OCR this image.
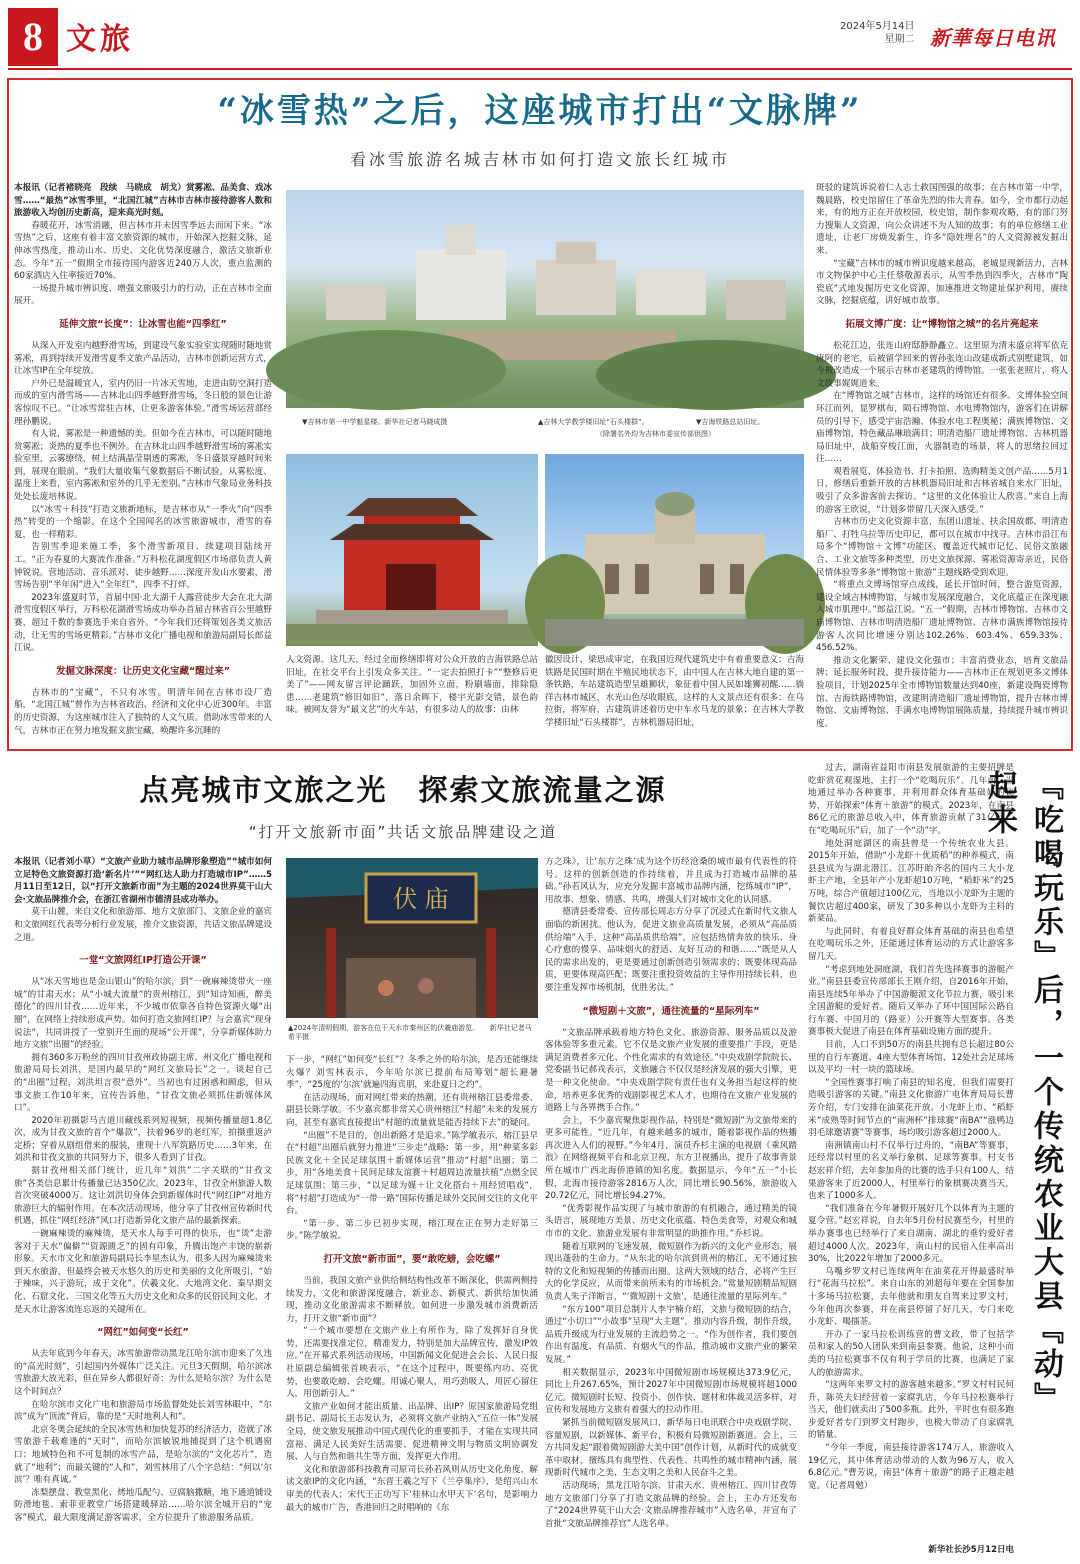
8 文旅	2024年5月14日
星期二 新華每日电讯
“冰雪热”之后，这座城市打出“文脉牌”
看冰雪旅游名城吉林市如何打造文旅长红城市

本报讯（记者褚晓亮　段续　马晓成　胡戈）赏雾凇、品美食、戏冰雪……“最热”冰雪季里，“北国江城”吉林市吉林市接待游客人数和旅游收入均创历史新高，迎来高光时刻。

春暖花开，冰雪消融，但吉林市并未因雪季远去而闲下来。“冰雪热”之后，这座有着丰富文旅资源的城市，开始深入挖掘文脉，延伸冰雪热度，推动山水、历史、文化优势深度融合，激活文旅新业态。今年“五一”假期全市接待国内游客近240万人次，重点监测的60家酒店入住率接近70%。

一场提升城市辨识度、增强文旅吸引力的行动，正在吉林市全面展开。

延伸文旅“长度”：让冰雪也能“四季红”

从深入开发室内越野滑雪场，到建设气象实验室实现随时随地赏雾凇，再到持续开发滑雪夏季文旅产品活动，吉林市创新运营方式，让冰雪IP在全年绽放。

户外已是温暖宜人，室内仍旧一片冰天雪地，走进由防空洞打造而成的室内滑雪场——吉林北山四季越野滑雪场，冬日般的景色让游客惊叹不已。“让冰雪常驻吉林，让更多游客体验。”滑雪场运营部经理孙鹏说。

有人说，雾凇是一种遗憾的美。但如今在吉林市，可以随时随地赏雾凇；炎热的夏季也不例外。在吉林北山四季越野滑雪场的雾凇实验室里，云雾缭绕，树上结满晶莹剔透的雾凇，冬日盛景穿越时间来到，展现在眼前。“我们大量收集气象数据后不断试验，从雾松度、温度上来看，室内雾凇和室外的几乎无差别。”吉林市气象局业务科技处处长庞培林说。

以“冰雪＋科技”打造文旅新地标，是吉林市从“一季火”向“四季热”转变的一个缩影。在这个全国闻名的冰雪旅游城市，滑雪的春夏，也一样精彩。

告别雪季迎来施工季，多个滑雪新项目、续建项目陆续开工。“正为春夏的大赛流作准备。”万科松花湖度假区市场部负责人黄钟锐说。营地活动、音乐派对、徒步越野……深度开发山水要素，滑雪场告别“半年闲”进入“全年红”，四季不打烊。

2023年盛夏时节，首届中国·北大湖千人露营徒步大会在北大湖滑雪度假区举行，万科松花湖滑雪场成功举办首届吉林省百公里越野赛，超过千数的参赛选手来自省外。“今年我们还将策划各类文旅活动，让无雪的雪场更精彩。”吉林市文化广播电视和旅游局副局长郎益江说。

发掘文脉深度：让历史文化宝藏“醒过来”

吉林市的“宝藏”，不只有冰雪。明清年间在吉林市设厂造船，“北国江城”曾作为吉林省政治、经济和文化中心近300年。丰富的历史资源，为这座城市注入了独特的人文气质。借助冰雪带来的人气，吉林市正在努力地发掘文旅宝藏，唤醒许多沉睡的

▼吉林市第一中学魁星楼。新华社记者马晓成摄	▲吉林大学教学楼旧址“石头楼群”。	▼吉海铁路总站旧址。
（除署名外均为吉林市委宣传部供图）

人文资源。这几天，经过全面修缮即将对公众开放的吉海铁路总站旧址，在社交平台上引发众多关注。“一定去拍照打卡”“整修后更美了”——网友留言评论踊跃，加固外立面，粉刷墙面，排除隐患……老建筑“修旧如旧”，落日余晖下，楼宇光影交错，景色韵味。被网友誉为“最文艺”的火车站，有很多动人的故事：由林

徽因设计、梁思成审定，在我国近现代建筑史中有着重要意义；吉海铁路是民国时期在半殖民地状态下，由中国人在吉林大地自建的第一条铁路，车站建筑造型呈雄狮状，象征着中国人民如雄狮初醒……徜徉吉林市城区，水光山色尽收眼底，这样的人文景点还有很多：在乌拉街，将军府，古建筑讲述着历史中车水马龙的景象；在吉林大学教学楼旧址“石头楼群”，吉林机器局旧址，

斑驳的建筑诉说着仁人志士救国图强的故事；在吉林市第一中学，魏晨路，校史馆留住了革命先烈的伟大青春。如今，全市都行动起来，有的地方正在开放校园，校史馆，制作参观攻略，有的部门努力搜集人文资源，向公众讲述不为人知的故事；有的单位修缮工业遗址，让老厂房焕发新生，许多“隐姓埋名”的人文资源被发掘出来。

“宝藏”吉林市的城市辨识度越来越高，老城显现新活力，吉林市文物保护中心主任蔡敬源表示，从雪季热到四季火，吉林市“陶瓷底”式地发掘历史文化资源，加速推进文物建址保护利用，赓续文脉，挖掘底蕴，讲好城市故事。

拓展文博广度：让“博物馆之城”的名片亮起来

松花江边，张连山府邸静静矗立。这里原为清末盛京将军依克唐阿的老宅，后被留学回来的曾孙张连山改建成新式别墅建筑，如今被改造成一个展示吉林市老建筑的博物馆。一张张老照片，将人文故事娓娓道来。

在“博物馆之城”吉林市，这样的场馆还有很多。文博体验空间环江而列，显罗棋布，陨石博物馆、水电博物馆内，游客们在讲解员的引导下，感受宇宙浩瀚、体验水电工程奥秘；满族博物馆、文庙博物馆，特色藏品琳琅满目；明清造船厂遗址博物馆、吉林机器局旧址中，战船穿梭江面，火器制造的场景，将人的思绪拉回过往……

观看展览、体验造书、打卡拍照、选购精美文创产品……5月1日，修缮后重新开放的吉林机器局旧址和吉林省城自来水厂旧址，吸引了众多游客前去探访。“这里的文化体验让人欣喜。”来自上海的游客王欣说，“计划多带留几天深入感受。”

吉林市历史文化资源丰富，东团山遗址、扶余国故都、明清造船厂、打牲乌拉等历史印记，都可以在城市中找寻。吉林市沿江布局多个“博物馆＋文博”功能区，覆盖近代城市记忆、民俗文旅融合、工业文旅等多种类型，历史文旅探源、雾凇资源寄亲近，民俗民情体验等多条“博物馆＋旅游”主题线路受到欢迎。

“将重点文博场馆穿点成线，延长开馆时间，整合游览资源，建设全域吉林博物馆，与城市发展深度融合，文化底蕴正在深度融入城市肌理中。”郎益江说。“五一”假期，吉林市博物馆、吉林市文庙博物馆、吉林市明清造船厂遗址博物馆、吉林市满族博物馆接待游客人次同比增速分别达102.26%、603.4%、659.33%、456.52%。

推动文化繁荣、建设文化强市；丰富消费业态，培育文旅品牌；延长服务时段，提升接待能力——吉林市正在规划更多文博体验项目，计划2025年全市博物馆数量达到40座，新建设陶瓷博物馆、吉海铁路博物馆，改建明清造船厂遗址博物馆，提升吉林市博物馆、文庙博物馆、手满水电博物馆展陈质量，持续提升城市辨识度。

点亮城市文旅之光　探索文旅流量之源
“打开文旅新市面”共话文旅品牌建设之道

本报讯（记者刘小草）“文旅产业助力城市品牌形象塑造”“城市如何立足特色文旅资源打造‘新名片’”“网红达人助力打造城市IP”……5月11日至12日，以“打开文旅新市面”为主题的2024世界莫干山大会·文旅品牌推介会，在浙江省湖州市德清县成功举办。

莫干山麓，来自文化和旅游部、地方文旅部门、文旅企业的嘉宾和文旅网红代表等分析行业发展，推介文旅资源，共话文旅品牌建设之道。

一堂“文旅网红IP打造公开课”

从“冰天雪地也是金山银山”的哈尔滨，到“一碗麻辣烫带火一座城”的甘肃天水；从“小城大流量”的贵州榕江，到“知诗知画，醉美德化”的四川甘孜……近年来，不少城市依靠各自特色资源火爆“出圈”，在网络上持续形成声势。如何打造文旅网红IP？与会嘉宾“现身说法”，共同讲授了一堂别开生面的现场“公开课”，分享新媒体助力地方文旅“出圈”的经验。

拥有360多万粉丝的四川甘孜州政协副主席、州文化广播电视和旅游局局长刘洪，是国内最早的“网红文旅局长”之一。谈起自己的“出圈”过程，刘洪坦言很“意外”。当初也有过困惑和顾虑，但从事文旅工作10年来，宣传告诉他，“甘孜文旅必须抓住新媒体风口”。

2020年初摄影马吉道川藏线系列短视频，视频传播量超1.8亿次，成为甘孜文旅的首个“爆款”，扶着96岁的老红军，拍摄重返泸定桥；穿着从剧组借来的服装，重现十八军筑路历史……3年来，在刘洪和甘孜文旅的共同努力下，很多人看到了甘孜。

据甘孜州相关部门统计，近几年“刘洪”二字关联的“甘孜文旅”各类信息累计传播量已达350亿次。2023年，甘孜全州旅游人数首次突破4000万。这让刘洪切身体会到新媒体时代“网红IP”对地方旅游巨大的辐射作用。在本次活动现场，他分享了甘孜州宣传新时代机遇，抓住“网红经济”风口打造新异化文旅产品的最新探索。

一碗麻辣烫的麻辣烫，是天水人每手可得的快乐，也“烫”走游客对于天水“偏僻”“资源匮乏”的固有印象，升腾出饱产丰饶的崭新形象。天水市文化和旅游局副局长李星杰认为，很多人因为麻辣烫来到天水旅游，但最终会被天水悠久的历史和美丽的文化所吸引，“始于辣味，兴于游玩，成于文化”。伏羲文化、大地湾文化、秦早期文化、石窟文化、三国文化等五大历史文化和众多的民俗民间文化，才是天水让游客流连忘返的关键所在。

“网红”如何变“长红”

从去年底到今年春天，冰雪旅游带动黑龙江哈尔滨市迎来了久违的“高光时刻”，引起国内外媒体广泛关注。元旦3天假期，哈尔滨冰雪旅游大放光彩，但在异乡人都很好奇：为什么是哈尔滨？为什么是这个时间点？

在哈尔滨市文化广电和旅游局市场监督处处长刘雪林眼中，“尔滨”成为“顶流”背后，靠的是“天时地利人和”。

北京冬奥会延续的全民冰雪热和加快复苏的经济活力，造就了冰雪旅游千载难逢的“天时”，而哈尔滨敏锐地捕捉到了这个机遇窗口；地域特色和不可复制的冰雪产品，是哈尔滨的“文化芯片”，造就了“地利”；而最关键的“人和”，刘雪林用了八个字总结：“何以‘尔滨’？唯有真诚。”

冻梨摆盘、教堂黑化、烤地瓜配勺、豆腐脑撒糖，地下通道铺设防滑地毯、索菲亚教堂广场搭建暖驿站……哈尔滨全城开启的“宠客”模式，最大限度满足游客需求，全方位提升了旅游服务品质。

伏 庙
▲2024年清明假期，游客在位于天水市秦州区的伏羲庙游览。　　新华社记者马希平摄

下一步，“网红”如何变“长红”？冬季之外的哈尔滨，是否还能继续火爆？刘雪林表示，今年哈尔滨已提前布局筹划“超长避暑季”，“25度的‘尔滨’就遍四海宾朋，来赴夏日之约”。

在活动现场，面对网红带来的热潮，还有贵州榕江县委常委、副县长陈学敏。不少嘉宾都非常关心贵州榕江“村超”未来的发展方向，甚至有嘉宾直接提出“村超的流量就是能否持续下去”的疑问。

“出圈”不是目的，创出新路才是追求。”陈学敏表示，榕江县早在“村超”出圈后就努力推进“三步走”战略：第一步，用“种菜多彩民族文化＋全民足球氛围＋新媒体运营”推动“村超”出圈；第二步，用“各地美食＋民间足球友谊赛＋村超周边流量扶植”点燃全民足球氛围；第三步，“以足球为媒＋让文化搭台＋用经贸唱戏”，将“村超”打造成为“一带一路”国际传播足球外交民间交往的文化平台。

“第一步、第二步已初步实现，榕江现在正在努力走好第三步。”陈学敏说。

打开文旅“新市面”，要“敢吃螃，会吃螺”

当前，我国文旅产业供给侧结构性改革不断深化，供需两侧持续发力，文化和旅游深度融合，新业态、新模式、新供给加快涌现，推动文化旅游需求不断释放。如何进一步激发城市消费新活力，打开文旅“新市面”？

“一个城市要想在文旅产业上有所作为，除了发挥好自身优势，还需要找准定位，精准发力，特别是加大品牌宣传，激发IP效应。”在开幕式系列活动现场，中国新闻文化促进会会长、人民日报社原副总编辑张首映表示，“在这个过程中，既要练内功、亮优势，也要敢吃螃、会吃螺。用诚心聚人，用巧劲吸人，用匠心留住人，用创新引人。”

文旅产业如何才能出质量、出品牌、出IP？原国家旅游局党组副书记、副局长王志发认为，必须将文旅产业纳入“五位一体”发展全局，使文旅发展推动中国式现代化的重要抓手，才能在实现共同富裕、满足人民美好生活需要、促进精神文明与物质文明协调发展、人与自然和谐共生等方面，发挥更大作用。

文化和旅游部科技教育司原司长孙若风则从历史文化角度，解读文旅IP的文化内涵，“东晋王羲之写下《兰亭集序》，是绍兴山水审美的代表人；宋代王正功写下‘桂林山水甲天下’名句，是影响力最大的城市广告，香港回归之时唱响的《东

方之珠》，让‘东方之珠’成为这个历经沧桑的城市最有代表性的符号。这样的创新创造的作持续着，并且成为打造城市品牌的基础。”孙若风认为，应充分发掘丰富城市品牌内涵，挖练城市“IP”，用故事、想象、情感、共鸣，增强人们对城市文化的认同感。

德清县委常委、宣传部长周志方分享了沉浸式在新时代文旅人面临的新困扰。他认为，促进文旅业高质量发展，必须从“高品质供给端”入手，这种“高品质供给端”，应包括热情奔放的快乐、身心疗愈的慢享、品味烟火的舒适、友好互动的和谐……“既是从人民的需求出发的，更是要通过创新创造引领需求的；既要体现高品质，更要体现高匹配；既要注重投资效益的主导作用持续长料，也要注重发挥市场机制，优胜劣汰。”

“微短剧＋文旅”，通往流量的“星际列车”

“文旅品牌承载着地方特色文化、旅游资源、服务品质以及游客体验等多重元素。它不仅是文旅产业发展的重要推广手段，更是满足消费者多元化、个性化需求的有效途径。”中央戏剧学院院长、党委副书记郝戎表示，文旅融合不仅仅是经济发展的强大引擎，更是一种文化使命。“中央戏剧学院有责任也有义务担当起这样的使命，培养更多优秀的戏剧影视艺术人才，也期待在文旅产业发展的道路上与各界携手合作。”

会上，不少嘉宾聚焦影视作品，特别是“微短剧”为文旅带来的更多可能性。“近几年，有越来越多的城市，随着影视作品的热播再次进入人们的视野。”今年4月，演员乔杉主演的电视剧《乘风踏浪》在网络视频平台和北京卫视，东方卫视播出，提升了故事背景所在城市广西北海侨港镇的知名度。数据显示，今年“五一”小长假，北海市接待游客2816万人次，同比增长90.56%，旅游收入20.72亿元，同比增长94.27%。

“优秀影视作品实现了与城市旅游的有机融合，通过精美的镜头语言，展现地方美景、历史文化底蕴、特色美食等，对观众和城市市的文化、旅游业发展有非常明显的助推作用。”乔杉说。

随着互联网的飞速发展，微短剧作为新兴的文化产业形态，展现出蓬勃的生命力。“从东北的哈尔滨到贵州的榕江，无不通过独特的文化和短视频的传播而出圈。这两大领域的结合，必将产生巨大的化学反应，从而带来前所未有的市场机会。”常量短剧精品短剧负责人朱子洋断言，“‘微短剧＋文旅’，是通往流量的星际列车。”

“东方100”项目总制片人李宇楠介绍，文旅与微短剧的结合，通过“小切口”“小故事”呈现“大主题”，推动内容升级，制作升级，品质升级成为行业发展的主流趋势之一。“作为创作者，我们要创作出有温度、有品质、有烟火气的作品，推动城市文旅产业的繁荣发展。”

相关数据显示，2023年中国微短剧市场规模达373.9亿元，同比上升267.65%，预计2027年中国微短剧市场规模将超1000亿元。微短剧时长短、投资小、创作快、题材和体裁灵活多样，对宣传和发展地方文旅有着强大的拉动作用。

紧抓当前微短剧发展风口，新华每日电讯联合中央戏剧学院、容量短剧，以新媒体、新平台，积极有局微短剧新赛道。会上，三方共同发起“跟着微短剧游大美中国”创作计划，从新时代的成就变革中取材，擅练具有典型性、代表性、共鸣性的城市精神内涵，展现新时代城市之美、生态文明之美和人民奋斗之美。

活动现场，黑龙江哈尔滨、甘肃天水、贵州榕江、四川甘孜等地方文旅部门分享了打造文旅品牌的经验。会上，主办方还发布了“2024世界莫干山大会·文旅品牌推荐城市”入选名单，并宣布了首批“文旅品牌推荐官”人选名单。

过去，湖南省益阳市南县发展旅游的主要招牌是吃虾赏花观湿地，主打一个“吃喝玩乐”。几年前，当地通过举办各种赛事，并利用群众体育基础好的优势，开始探索“体育＋旅游”的模式。2023年，在南县86亿元的旅游总收入中，体育旅游贡献了31亿元，在“吃喝玩乐”后，加了一个“动”字。

地处洞庭湖区的南县曾是一个传统农业大县。2015年开始，借助“小龙虾＋优质稻”的种养模式，南县县成为与湖北潜江、江苏盱眙齐名的国内三大小龙虾主产地，全县年产小龙虾超10万吨，“稻虾米”约25万吨，综合产值超过100亿元，当地以小龙虾为主题的餐饮店超过400家，研发了30多种以小龙虾为主料的新菜品。

与此同时，有着良好群众体育基础的南县也希望在吃喝玩乐之外，还能通过体育运动的方式让游客多留几天。

“考虑到地处洞庭湖，我们首先选择赛事的游艇产业。”南县县委宣传部部长王刚介绍，自2016年开始，南县连续5年举办了中国游艇派文化节拉力赛，吸引来全国游艇的爱好者。随后又举办了环中国国际公路自行车赛、中国月的（路亚）公开赛等大型赛事。各类赛事极大促进了南县在体育基础设施方面的提升。

目前，人口不到50万的南县共拥有总长超过80公里的自行车赛道、4座大型体育场馆、12处社会足球场以及平均一村一块的篮球场。

“全国性赛事打响了南县的知名度，但我们需要打造吸引游客的关键。”南县文化旅游广电体育局局长曹芳介绍，专门安排在油菜花开放、小龙虾上市、“稻虾米”成熟等时间节点的“南洲杯”排球赛“南BA”“涨鸭边羽毛球邀请赛”等赛事，场均吸引游客超过2000人。

南洲镇南山村不仅举行过舟的，“南BA”等赛事，还经常以村里的名义举行象棋、足球等赛事。村支书赵宏祥介绍，去年参加舟的比赛的选手只有100人，结果游客来了近2000人，村里举行的象棋赛决赛当天，也来了1000多人。

“我们准备在今年暑假开展好几个以体育为主题的夏令营。”赵宏祥说，自去年5月份村民赛至今，村里的举办赛事也已经举行了来自湖南、湖北的垂钓爱好者超过4000人次。2023年，南山村的民宿入住率高出30%，比2022年增加了2000多元。

乌嘴乡罗文村已连续两年在油菜花开得最盛时举行“花海马拉松”。来自山东的刘超每年要在全国参加十多场马拉松赛，去年他就和朋友自驾来过罗文村，今年他再次参赛，并在南县停留了好几天，专门来吃小龙虾、喝擂茶。

开办了一家马拉松训练营的曹文政，带了包括学员和家人的50人团队来到南县参赛。他说，这种小而美的马拉松赛事不仅有利于学员的比赛，也满足了家人的旅游需求。

“这两年来罗文村的游客越来越多。”罗文村村民何升，陈英夫妇经营着一家腐乳店，今年马拉松赛举行当天，他们就卖出了500多瓶。此外，平时也有很多跑步爱好者专门到罗文村跑步，也极大带动了自家腐乳的销量。

“今年一季度，南县接待游客174万人，旅游收入19亿元，其中体育活动带动的人数为96万人，收入6.8亿元。”曹芳说，南县“体育＋旅游”的路子正越走越宽。（记者周勉）

新华社长沙5月12日电
『吃喝玩乐』后，一个传统农业大县『动』起来
